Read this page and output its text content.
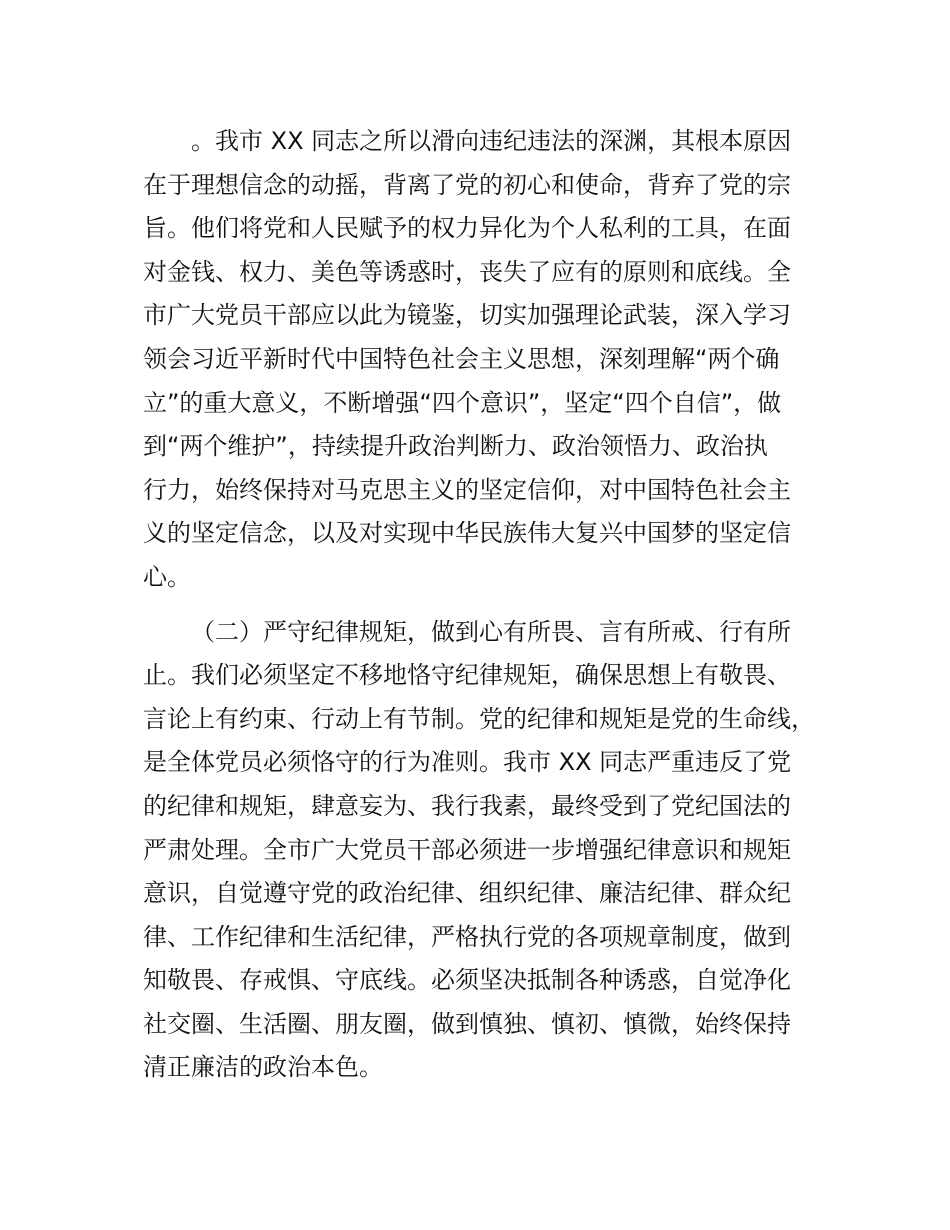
。我市 XX 同志之所以滑向违纪违法的深渊，其根本原因
在于理想信念的动摇，背离了党的初心和使命，背弃了党的宗
旨。他们将党和人民赋予的权力异化为个人私利的工具，在面
对金钱、权力、美色等诱惑时，丧失了应有的原则和底线。全
市广大党员干部应以此为镜鉴，切实加强理论武装，深入学习
领会习近平新时代中国特色社会主义思想，深刻理解“两个确
立”的重大意义，不断增强“四个意识”，坚定“四个自信”，做
到“两个维护”，持续提升政治判断力、政治领悟力、政治执
行力，始终保持对马克思主义的坚定信仰，对中国特色社会主
义的坚定信念，以及对实现中华民族伟大复兴中国梦的坚定信
心。
（二）严守纪律规矩，做到心有所畏、言有所戒、行有所
止。我们必须坚定不移地恪守纪律规矩，确保思想上有敬畏、
言论上有约束、行动上有节制。党的纪律和规矩是党的生命线，
是全体党员必须恪守的行为准则。我市 XX 同志严重违反了党
的纪律和规矩，肆意妄为、我行我素，最终受到了党纪国法的
严肃处理。全市广大党员干部必须进一步增强纪律意识和规矩
意识，自觉遵守党的政治纪律、组织纪律、廉洁纪律、群众纪
律、工作纪律和生活纪律，严格执行党的各项规章制度，做到
知敬畏、存戒惧、守底线。必须坚决抵制各种诱惑，自觉净化
社交圈、生活圈、朋友圈，做到慎独、慎初、慎微，始终保持
清正廉洁的政治本色。
